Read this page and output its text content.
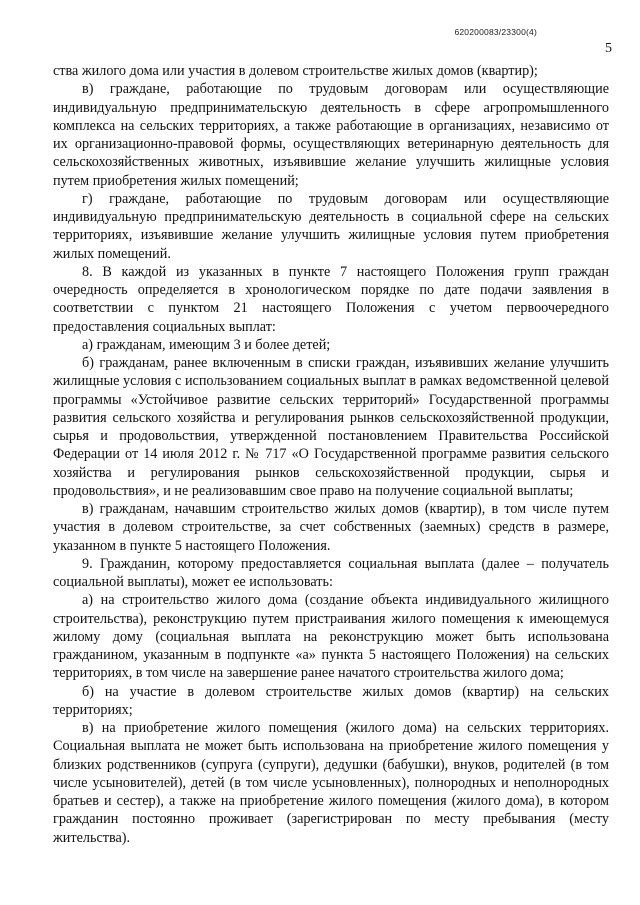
620200083/23300(4)
5

ства жилого дома или участия в долевом строительстве жилых домов (квартир);

в) граждане, работающие по трудовым договорам или осуществляющие индивидуальную предпринимательскую деятельность в сфере агропромышленного комплекса на сельских территориях, а также работающие в организациях, независимо от их организационно-правовой формы, осуществляющих ветеринарную деятельность для сельскохозяйственных животных, изъявившие желание улучшить жилищные условия путем приобретения жилых помещений;

г) граждане, работающие по трудовым договорам или осуществляющие индивидуальную предпринимательскую деятельность в социальной сфере на сельских территориях, изъявившие желание улучшить жилищные условия путем приобретения жилых помещений.

8. В каждой из указанных в пункте 7 настоящего Положения групп граждан очередность определяется в хронологическом порядке по дате подачи заявления в соответствии с пунктом 21 настоящего Положения с учетом первоочередного предоставления социальных выплат:

а) гражданам, имеющим 3 и более детей;

б) гражданам, ранее включенным в списки граждан, изъявивших желание улучшить жилищные условия с использованием социальных выплат в рамках ведомственной целевой программы «Устойчивое развитие сельских территорий» Государственной программы развития сельского хозяйства и регулирования рынков сельскохозяйственной продукции, сырья и продовольствия, утвержденной постановлением Правительства Российской Федерации от 14 июля 2012 г. № 717 «О Государственной программе развития сельского хозяйства и регулирования рынков сельскохозяйственной продукции, сырья и продовольствия», и не реализовавшим свое право на получение социальной выплаты;

в) гражданам, начавшим строительство жилых домов (квартир), в том числе путем участия в долевом строительстве, за счет собственных (заемных) средств в размере, указанном в пункте 5 настоящего Положения.

9. Гражданин, которому предоставляется социальная выплата (далее – получатель социальной выплаты), может ее использовать:

а) на строительство жилого дома (создание объекта индивидуального жилищного строительства), реконструкцию путем пристраивания жилого помещения к имеющемуся жилому дому (социальная выплата на реконструкцию может быть использована гражданином, указанным в подпункте «а» пункта 5 настоящего Положения) на сельских территориях, в том числе на завершение ранее начатого строительства жилого дома;

б) на участие в долевом строительстве жилых домов (квартир) на сельских территориях;

в) на приобретение жилого помещения (жилого дома) на сельских территориях. Социальная выплата не может быть использована на приобретение жилого помещения у близких родственников (супруга (супруги), дедушки (бабушки), внуков, родителей (в том числе усыновителей), детей (в том числе усыновленных), полнородных и неполнородных братьев и сестер), а также на приобретение жилого помещения (жилого дома), в котором гражданин постоянно проживает (зарегистрирован по месту пребывания (месту жительства).
